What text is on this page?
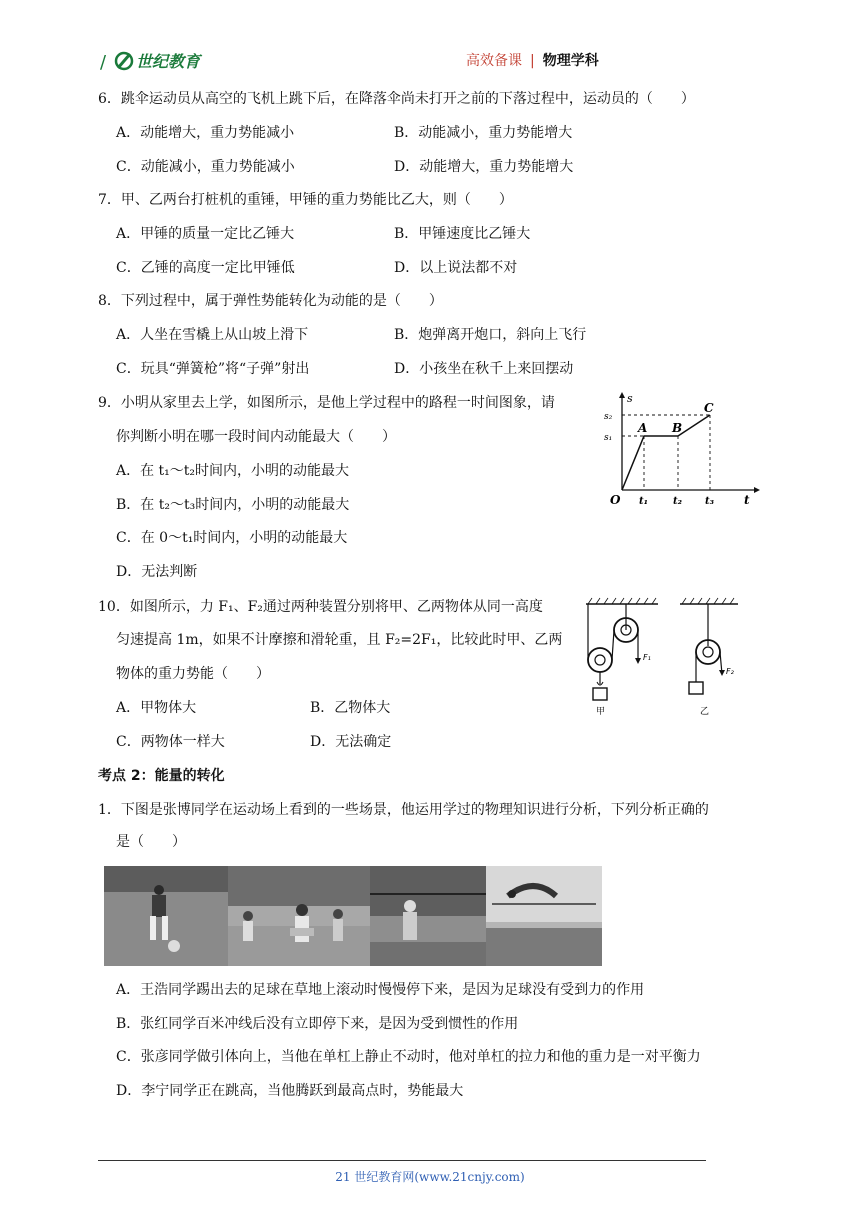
/ 世纪教育	高效备课 | 物理学科
6．跳伞运动员从高空的飞机上跳下后，在降落伞尚未打开之前的下落过程中，运动员的（　　）
A．动能增大，重力势能减小	B．动能减小，重力势能增大
C．动能减小，重力势能减小	D．动能增大，重力势能增大
7．甲、乙两台打桩机的重锤，甲锤的重力势能比乙大，则（　　）
A．甲锤的质量一定比乙锤大	B．甲锤速度比乙锤大
C．乙锤的高度一定比甲锤低	D．以上说法都不对
8．下列过程中，属于弹性势能转化为动能的是（　　）
A．人坐在雪橇上从山坡上滑下	B．炮弹离开炮口，斜向上飞行
C．玩具“弹簧枪”将“子弹”射出	D．小孩坐在秋千上来回摆动
9．小明从家里去上学，如图所示，是他上学过程中的路程一时间图象，请
你判断小明在哪一段时间内动能最大（　　）
A．在 t₁～t₂时间内，小明的动能最大
B．在 t₂～t₃时间内，小明的动能最大
C．在 0～t₁时间内，小明的动能最大
D．无法判断
s
t
O
s₂
s₁
t₁	t₂ t₃
A B
C
10．如图所示，力 F₁、F₂通过两种装置分别将甲、乙两物体从同一高度
匀速提高 1m，如果不计摩擦和滑轮重，且 F₂=2F₁，比较此时甲、乙两
物体的重力势能（　　）
A．甲物体大	B．乙物体大
C．两物体一样大	D．无法确定
F₁
甲
F₂
乙
考点 2：能量的转化
1．下图是张博同学在运动场上看到的一些场景，他运用学过的物理知识进行分析，下列分析正确的
是（　　）
A．王浩同学踢出去的足球在草地上滚动时慢慢停下来，是因为足球没有受到力的作用
B．张红同学百米冲线后没有立即停下来，是因为受到惯性的作用
C．张彦同学做引体向上，当他在单杠上静止不动时，他对单杠的拉力和他的重力是一对平衡力
D．李宁同学正在跳高，当他腾跃到最高点时，势能最大
21 世纪教育网(www.21cnjy.com)
